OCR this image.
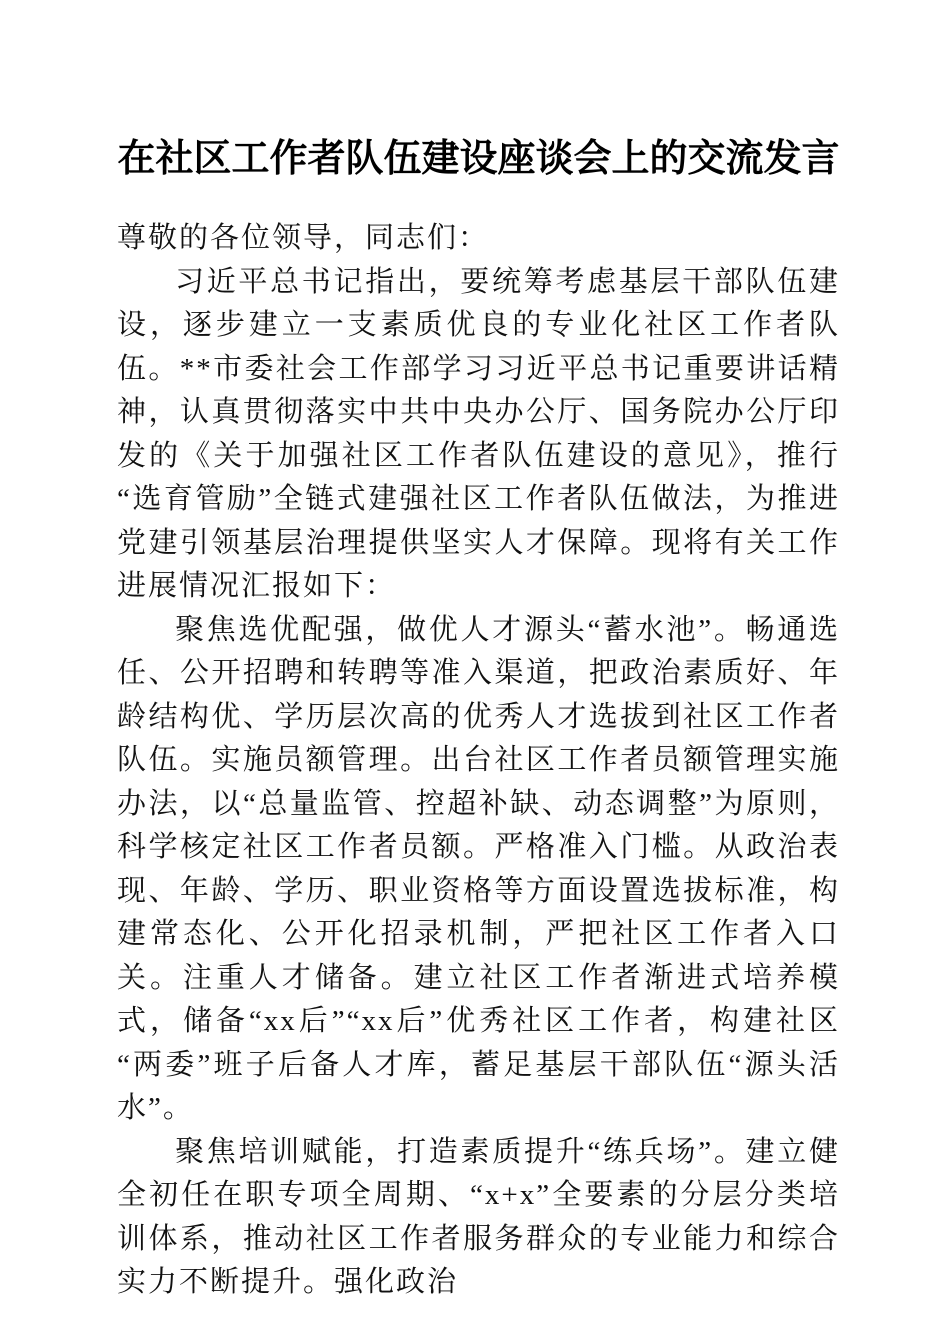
在社区工作者队伍建设座谈会上的交流发言

尊敬的各位领导，同志们：

习近平总书记指出，要统筹考虑基层干部队伍建设，逐步建立一支素质优良的专业化社区工作者队伍。**市委社会工作部学习习近平总书记重要讲话精神，认真贯彻落实中共中央办公厅、国务院办公厅印发的《关于加强社区工作者队伍建设的意见》，推行“选育管励”全链式建强社区工作者队伍做法，为推进党建引领基层治理提供坚实人才保障。现将有关工作进展情况汇报如下：

聚焦选优配强，做优人才源头“蓄水池”。畅通选任、公开招聘和转聘等准入渠道，把政治素质好、年龄结构优、学历层次高的优秀人才选拔到社区工作者队伍。实施员额管理。出台社区工作者员额管理实施办法，以“总量监管、控超补缺、动态调整”为原则，科学核定社区工作者员额。严格准入门槛。从政治表现、年龄、学历、职业资格等方面设置选拔标准，构建常态化、公开化招录机制，严把社区工作者入口关。注重人才储备。建立社区工作者渐进式培养模式，储备“xx后”“xx后”优秀社区工作者，构建社区“两委”班子后备人才库，蓄足基层干部队伍“源头活水”。

聚焦培训赋能，打造素质提升“练兵场”。建立健全初任在职专项全周期、“x+x”全要素的分层分类培训体系，推动社区工作者服务群众的专业能力和综合实力不断提升。强化政治
